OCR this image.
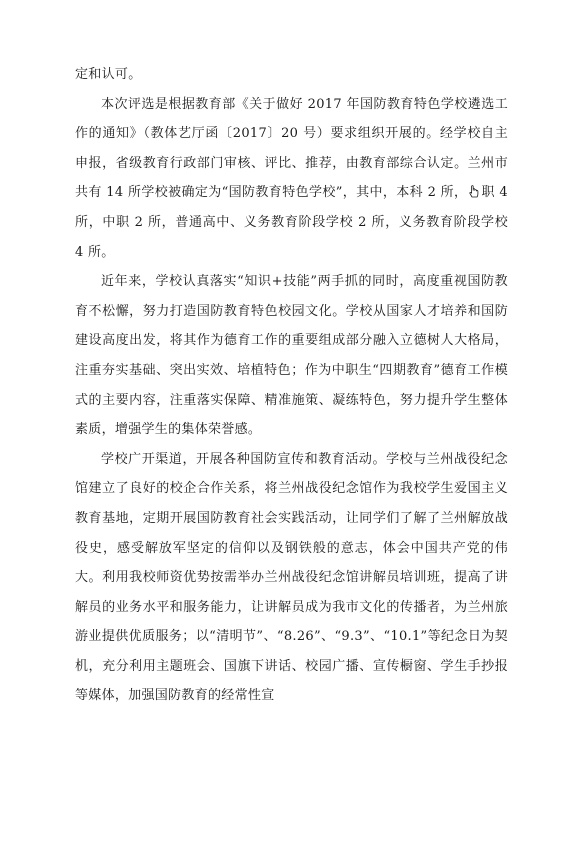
定和认可。

本次评选是根据教育部《关于做好 2017 年国防教育特色学校遴选工作的通知》（教体艺厅函〔2017〕20 号）要求组织开展的。经学校自主申报，省级教育行政部门审核、评比、推荐，由教育部综合认定。兰州市共有 14 所学校被确定为“国防教育特色学校”，其中，本科 2 所， 职 4 所，中职 2 所，普通高中、义务教育阶段学校 2 所，义务教育阶段学校 4 所。

近年来，学校认真落实“知识+技能”两手抓的同时，高度重视国防教育不松懈，努力打造国防教育特色校园文化。学校从国家人才培养和国防建设高度出发，将其作为德育工作的重要组成部分融入立德树人大格局，注重夯实基础、突出实效、培植特色；作为中职生“四期教育”德育工作模式的主要内容，注重落实保障、精准施策、凝练特色，努力提升学生整体素质，增强学生的集体荣誉感。

学校广开渠道，开展各种国防宣传和教育活动。学校与兰州战役纪念馆建立了良好的校企合作关系，将兰州战役纪念馆作为我校学生爱国主义教育基地，定期开展国防教育社会实践活动，让同学们了解了兰州解放战役史，感受解放军坚定的信仰以及钢铁般的意志，体会中国共产党的伟大。利用我校师资优势按需举办兰州战役纪念馆讲解员培训班，提高了讲解员的业务水平和服务能力，让讲解员成为我市文化的传播者，为兰州旅游业提供优质服务；以“清明节”、“8.26”、“9.3”、“10.1”等纪念日为契机，充分利用主题班会、国旗下讲话、校园广播、宣传橱窗、学生手抄报等媒体，加强国防教育的经常性宣
